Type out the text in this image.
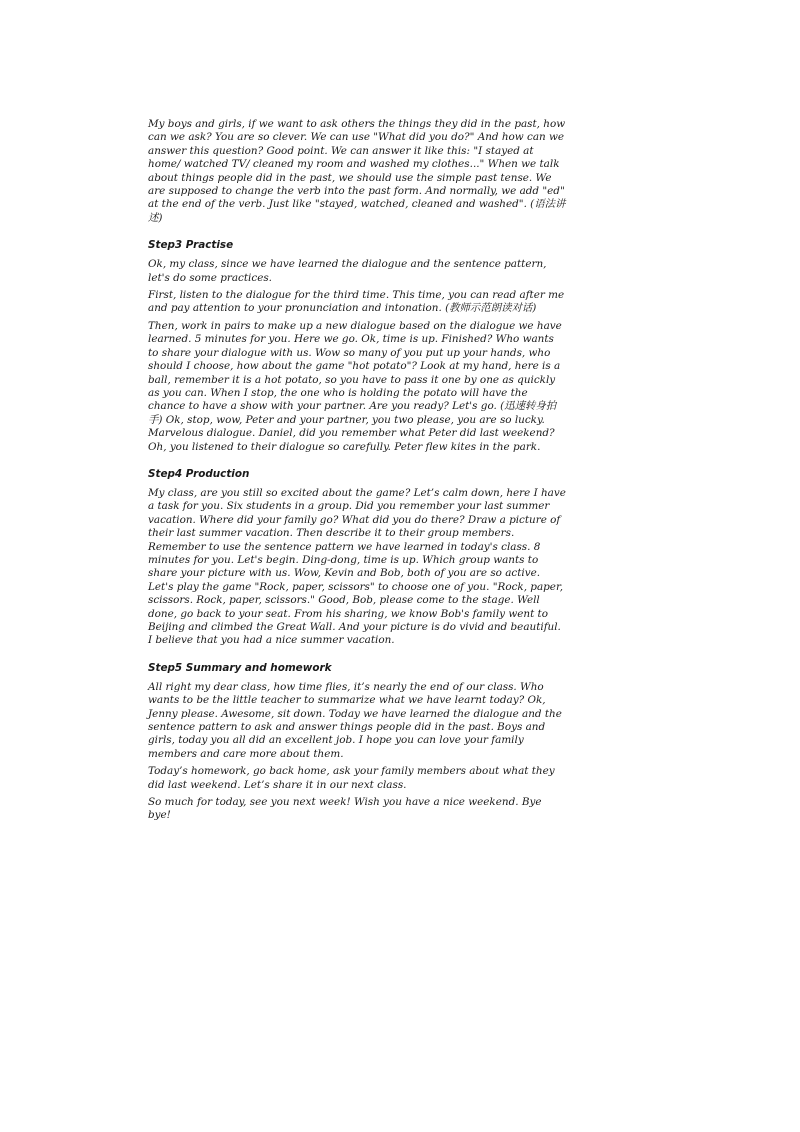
My boys and girls, if we want to ask others the things they did in the past, how can we ask? You are so clever. We can use "What did you do?" And how can we answer this question? Good point. We can answer it like this: "I stayed at home/ watched TV/ cleaned my room and washed my clothes..." When we talk about things people did in the past, we should use the simple past tense. We are supposed to change the verb into the past form. And normally, we add "ed" at the end of the verb. Just like "stayed, watched, cleaned and washed". (语法讲述)

Step3 Practise

Ok, my class, since we have learned the dialogue and the sentence pattern, let's do some practices.

First, listen to the dialogue for the third time. This time, you can read after me and pay attention to your pronunciation and intonation. (教师示范朗读对话)

Then, work in pairs to make up a new dialogue based on the dialogue we have learned. 5 minutes for you. Here we go. Ok, time is up. Finished? Who wants to share your dialogue with us. Wow so many of you put up your hands, who should I choose, how about the game "hot potato"? Look at my hand, here is a ball, remember it is a hot potato, so you have to pass it one by one as quickly as you can. When I stop, the one who is holding the potato will have the chance to have a show with your partner. Are you ready? Let's go. (迅速转身拍手) Ok, stop, wow, Peter and your partner, you two please, you are so lucky. Marvelous dialogue. Daniel, did you remember what Peter did last weekend? Oh, you listened to their dialogue so carefully. Peter flew kites in the park.

Step4 Production

My class, are you still so excited about the game? Let’s calm down, here I have a task for you. Six students in a group. Did you remember your last summer vacation. Where did your family go? What did you do there? Draw a picture of their last summer vacation. Then describe it to their group members. Remember to use the sentence pattern we have learned in today's class. 8 minutes for you. Let's begin. Ding-dong, time is up. Which group wants to share your picture with us. Wow, Kevin and Bob, both of you are so active. Let's play the game "Rock, paper, scissors" to choose one of you. "Rock, paper, scissors. Rock, paper, scissors." Good, Bob, please come to the stage. Well done, go back to your seat. From his sharing, we know Bob's family went to Beijing and climbed the Great Wall. And your picture is do vivid and beautiful. I believe that you had a nice summer vacation.

Step5 Summary and homework

All right my dear class, how time flies, it’s nearly the end of our class. Who wants to be the little teacher to summarize what we have learnt today? Ok, Jenny please. Awesome, sit down. Today we have learned the dialogue and the sentence pattern to ask and answer things people did in the past. Boys and girls, today you all did an excellent job. I hope you can love your family members and care more about them.

Today’s homework, go back home, ask your family members about what they did last weekend. Let’s share it in our next class.

So much for today, see you next week! Wish you have a nice weekend. Bye bye!
